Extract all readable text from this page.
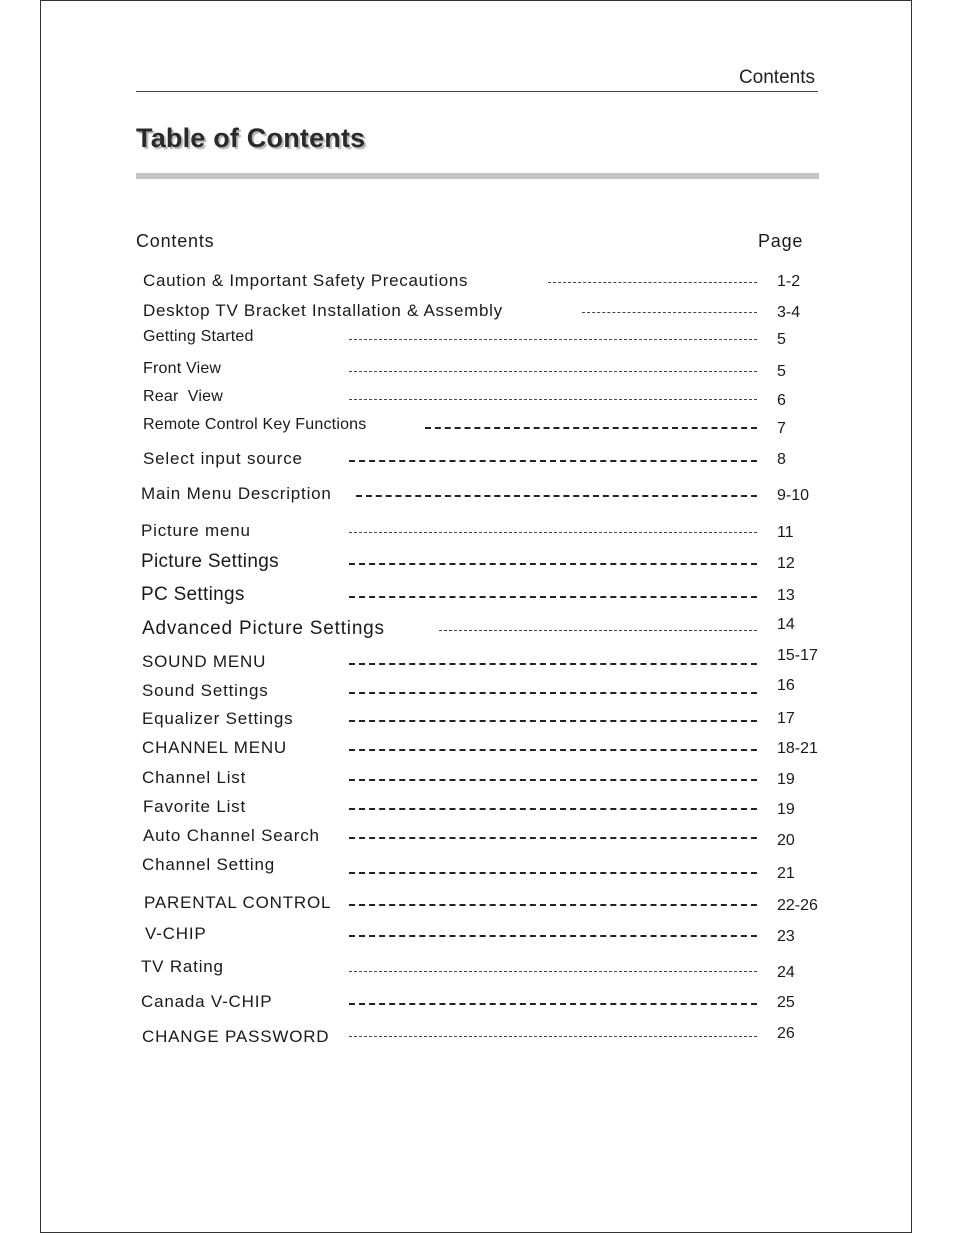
Contents
Table of Contents
Contents	Page
Caution & Important Safety Precautions	1-2
Desktop TV Bracket Installation & Assembly	3-4
Getting Started	5
Front View	5
Rear  View	6
Remote Control Key Functions	7
Select input source	8
Main Menu Description	9-10
Picture menu	11
Picture Settings	12
PC Settings	13
Advanced Picture Settings	14
SOUND MENU	15-17
Sound Settings	16
Equalizer Settings	17
CHANNEL MENU	18-21
Channel List	19
Favorite List	19
Auto Channel Search	20
Channel Setting	21
PARENTAL CONTROL	22-26
V-CHIP	23
TV Rating	24
Canada V-CHIP	25
CHANGE PASSWORD	26
